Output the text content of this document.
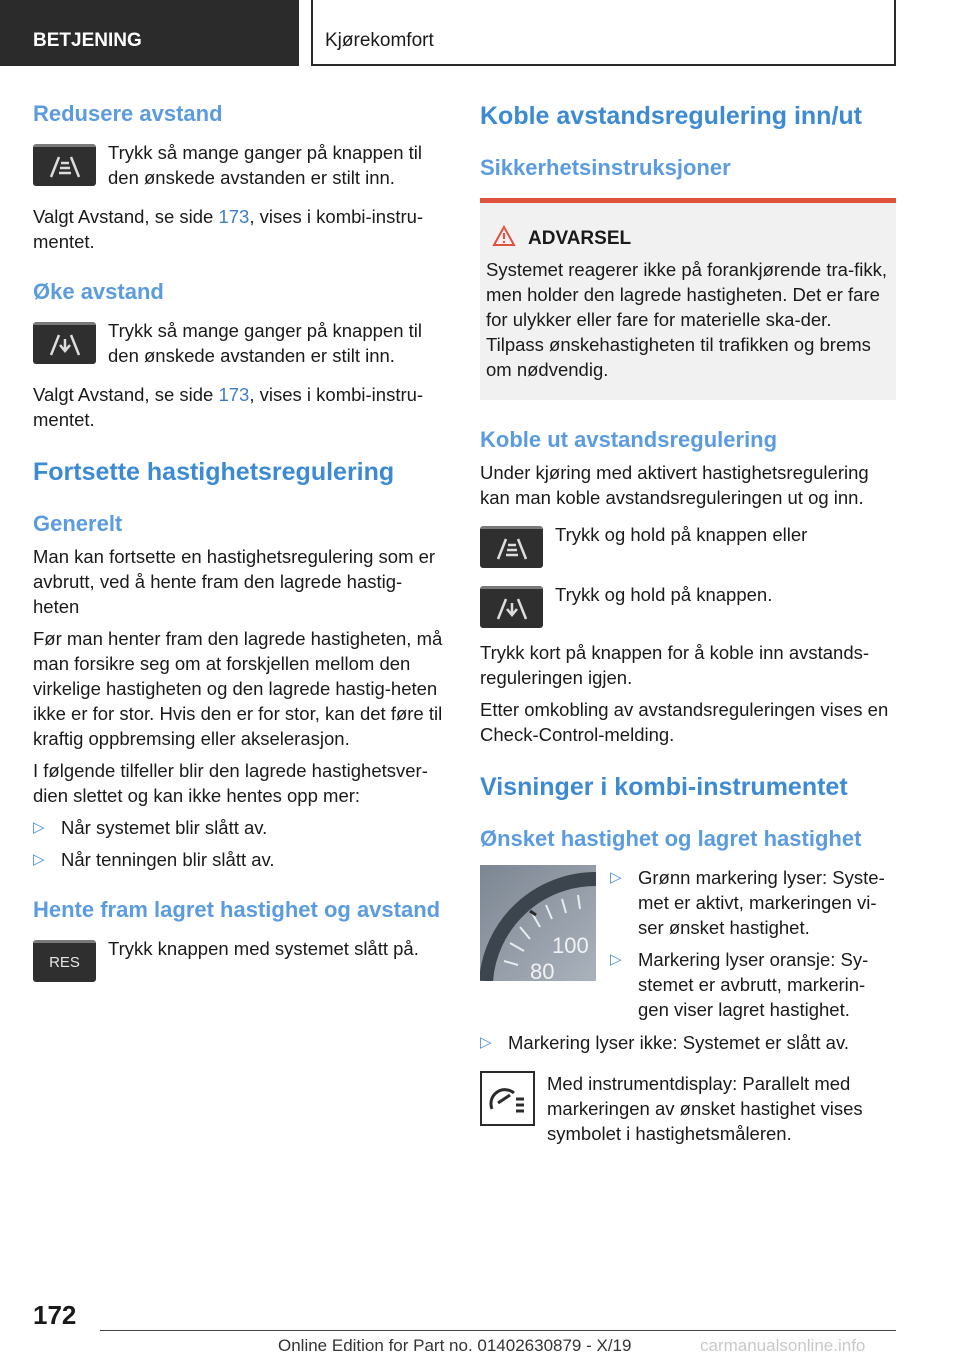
BETJENING	Kjørekomfort
Redusere avstand

Trykk så mange ganger på knappen til den ønskede avstanden er stilt inn.

Valgt Avstand, se side 173, vises i kombi-instru-mentet.

Øke avstand

Trykk så mange ganger på knappen til den ønskede avstanden er stilt inn.

Valgt Avstand, se side 173, vises i kombi-instru-mentet.

Fortsette hastighetsregulering
Generelt

Man kan fortsette en hastighetsregulering som er avbrutt, ved å hente fram den lagrede hastig-heten

Før man henter fram den lagrede hastigheten, må man forsikre seg om at forskjellen mellom den virkelige hastigheten og den lagrede hastig-heten ikke er for stor. Hvis den er for stor, kan det føre til kraftig oppbremsing eller akselerasjon.

I følgende tilfeller blir den lagrede hastighetsver-dien slettet og kan ikke hentes opp mer:

▷ Når systemet blir slått av.
▷ Når tenningen blir slått av.
Hente fram lagret hastighet og avstand
RES

Trykk knappen med systemet slått på.

Koble avstandsregulering inn/ut
Sikkerhetsinstruksjoner
ADVARSEL

Systemet reagerer ikke på forankjørende tra-fikk, men holder den lagrede hastigheten. Det er fare for ulykker eller fare for materielle ska-der. Tilpass ønskehastigheten til trafikken og brems om nødvendig.

Koble ut avstandsregulering

Under kjøring med aktivert hastighetsregulering kan man koble avstandsreguleringen ut og inn.

Trykk og hold på knappen eller

Trykk og hold på knappen.

Trykk kort på knappen for å koble inn avstands-reguleringen igjen.

Etter omkobling av avstandsreguleringen vises en Check-Control-melding.

Visninger i kombi-instrumentet
Ønsket hastighet og lagret hastighet
100
80
▷ Grønn markering lyser: Syste-met er aktivt, markeringen vi-ser ønsket hastighet.
▷ Markering lyser oransje: Sy-stemet er avbrutt, markerin-gen viser lagret hastighet.
▷ Markering lyser ikke: Systemet er slått av.

Med instrumentdisplay: Parallelt med markeringen av ønsket hastighet vises symbolet i hastighetsmåleren.

172
Online Edition for Part no. 01402630879 - X/19	carmanualsonline.info
